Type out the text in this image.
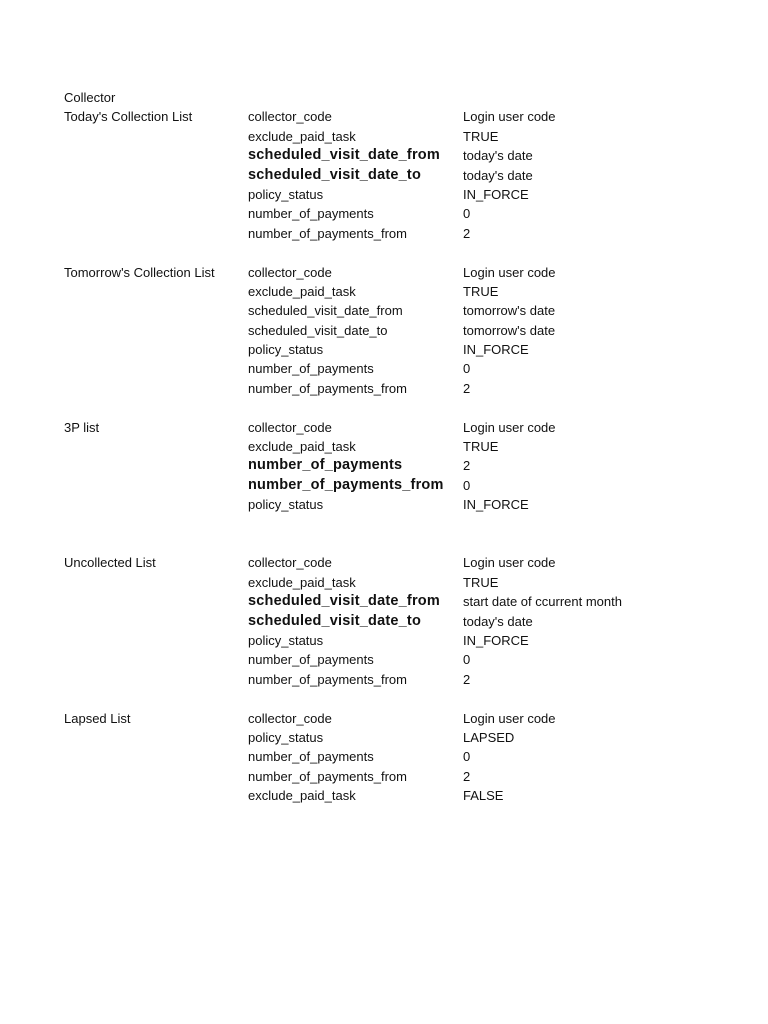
Collector
Today's Collection List	collector_code	Login user code
exclude_paid_task	TRUE
scheduled_visit_date_from	today's date
scheduled_visit_date_to	today's date
policy_status	IN_FORCE
number_of_payments	0
number_of_payments_from	2
Tomorrow's Collection List	collector_code	Login user code
exclude_paid_task	TRUE
scheduled_visit_date_from	tomorrow's date
scheduled_visit_date_to	tomorrow's date
policy_status	IN_FORCE
number_of_payments	0
number_of_payments_from	2
3P list	collector_code	Login user code
exclude_paid_task	TRUE
number_of_payments	2
number_of_payments_from	0
policy_status	IN_FORCE
Uncollected List	collector_code	Login user code
exclude_paid_task	TRUE
scheduled_visit_date_from	start date of ccurrent month
scheduled_visit_date_to	today's date
policy_status	IN_FORCE
number_of_payments	0
number_of_payments_from	2
Lapsed List	collector_code	Login user code
policy_status	LAPSED
number_of_payments	0
number_of_payments_from	2
exclude_paid_task	FALSE
